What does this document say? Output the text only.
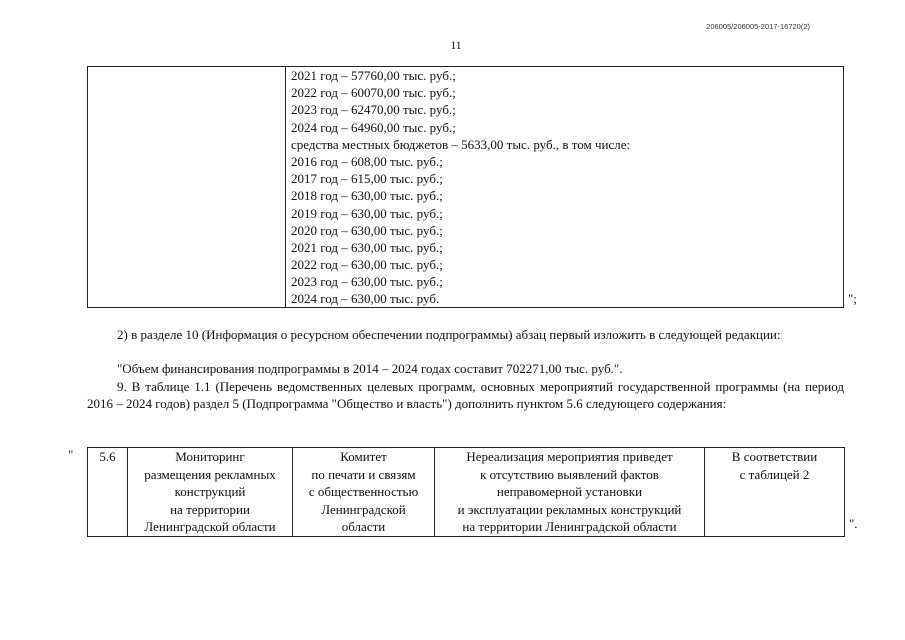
206005/206005-2017-16720(2)
11
2021 год – 57760,00 тыс. руб.;
2022 год – 60070,00 тыс. руб.;
2023 год – 62470,00 тыс. руб.;
2024 год – 64960,00 тыс. руб.;
средства местных бюджетов – 5633,00 тыс. руб., в том числе:
2016 год – 608,00 тыс. руб.;
2017 год – 615,00 тыс. руб.;
2018 год – 630,00 тыс. руб.;
2019 год – 630,00 тыс. руб.;
2020 год – 630,00 тыс. руб.;
2021 год – 630,00 тыс. руб.;
2022 год – 630,00 тыс. руб.;
2023 год – 630,00 тыс. руб.;
2024 год – 630,00 тыс. руб.	";

2) в разделе 10 (Информация о ресурсном обеспечении подпрограммы) абзац первый изложить в следующей редакции:

"Объем финансирования подпрограммы в 2014 – 2024 годах составит 702271,00 тыс. руб.".

9. В таблице 1.1 (Перечень ведомственных целевых программ, основных мероприятий государственной программы (на период 2016 – 2024 годов) раздел 5 (Подпрограмма "Общество и власть") дополнить пунктом 5.6 следующего содержания:

"	5.6	Мониторинг
размещения рекламных
конструкций
на территории
Ленинградской области

Комитет
по печати и связям
с общественностью
Ленинградской
области

Нереализация мероприятия приведет
к отсутствию выявлений фактов
неправомерной установки
и эксплуатации рекламных конструкций
на территории Ленинградской области

В соответствии
с таблицей 2
".
